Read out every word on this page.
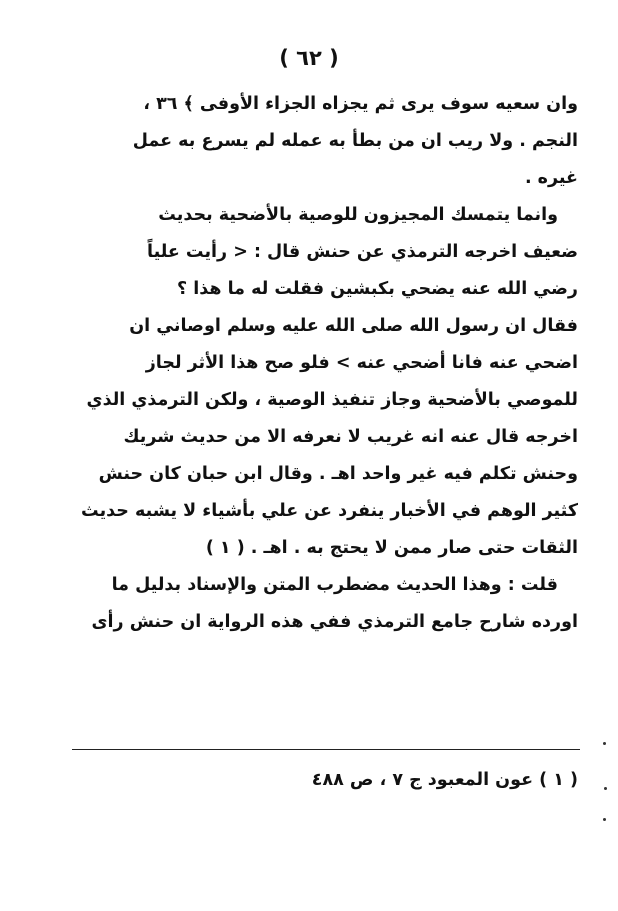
( ٦٢ )
وان سعيه سوف يرى ثم يجزاه الجزاء الأوفى ﴾ ٣٦ ،
النجم . ولا ريب ان من بطأ به عمله لم يسرع به عمل
غيره .
وانما يتمسك المجيزون للوصية بالأضحية بحديث
ضعيف اخرجه الترمذي عن حنش قال : < رأيت علياً
رضي الله عنه يضحي بكبشين فقلت له ما هذا ؟
فقال ان رسول الله صلى الله عليه وسلم اوصاني ان
اضحي عنه فانا أضحي عنه > فلو صح هذا الأثر لجاز
للموصي بالأضحية وجاز تنفيذ الوصية ، ولكن الترمذي الذي
اخرجه قال عنه انه غريب لا نعرفه الا من حديث شريك
وحنش تكلم فيه غير واحد اهـ . وقال ابن حبان كان حنش
كثير الوهم في الأخبار ينفرد عن علي بأشياء لا يشبه حديث
الثقات حتى صار ممن لا يحتج به . اهـ . ( ١ )
قلت : وهذا الحديث مضطرب المتن والإسناد بدليل ما
اورده شارح جامع الترمذي ففي هذه الرواية ان حنش رأى
( ١ ) عون المعبود ج ٧ ، ص ٤٨٨
